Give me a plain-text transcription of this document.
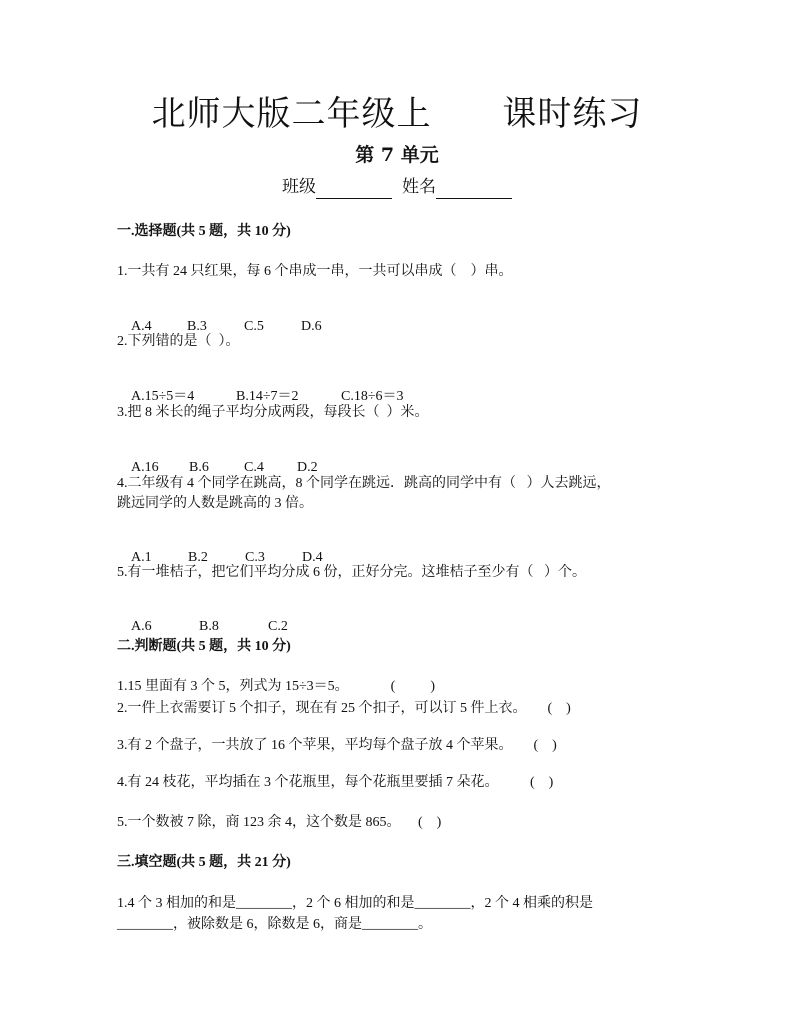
北师大版二年级上      课时练习
第 7 单元
班级	姓名
一.选择题(共 5 题，共 10 分)
1.一共有 24 只红果，每 6 个串成一串，一共可以串成（    ）串。

A.4	B.3	C.5	D.6

2.下列错的是（  ）。

A.15÷5＝4	B.14÷7＝2	C.18÷6＝3

3.把 8 米长的绳子平均分成两段，每段长（  ）米。

A.16 B.6	C.4 D.2

4.二年级有 4 个同学在跳高，8 个同学在跳远．跳高的同学中有（   ）人去跳远，
跳远同学的人数是跳高的 3 倍。

A.1	B.2	C.3	D.4

5.有一堆桔子，把它们平均分成 6 份，正好分完。这堆桔子至少有（   ）个。

A.6	B.8	C.2

二.判断题(共 5 题，共 10 分)
1.15 里面有 3 个 5，列式为 15÷3＝5。            (          )
2.一件上衣需要订 5 个扣子，现在有 25 个扣子，可以订 5 件上衣。      (    )
3.有 2 个盘子，一共放了 16 个苹果，平均每个盘子放 4 个苹果。      (    )
4.有 24 枝花，平均插在 3 个花瓶里，每个花瓶里要插 7 朵花。         (    )
5.一个数被 7 除，商 123 余 4，这个数是 865。     (    )
三.填空题(共 5 题，共 21 分)
1.4 个 3 相加的和是________，2 个 6 相加的和是________，2 个 4 相乘的积是
________，被除数是 6，除数是 6，商是________。
